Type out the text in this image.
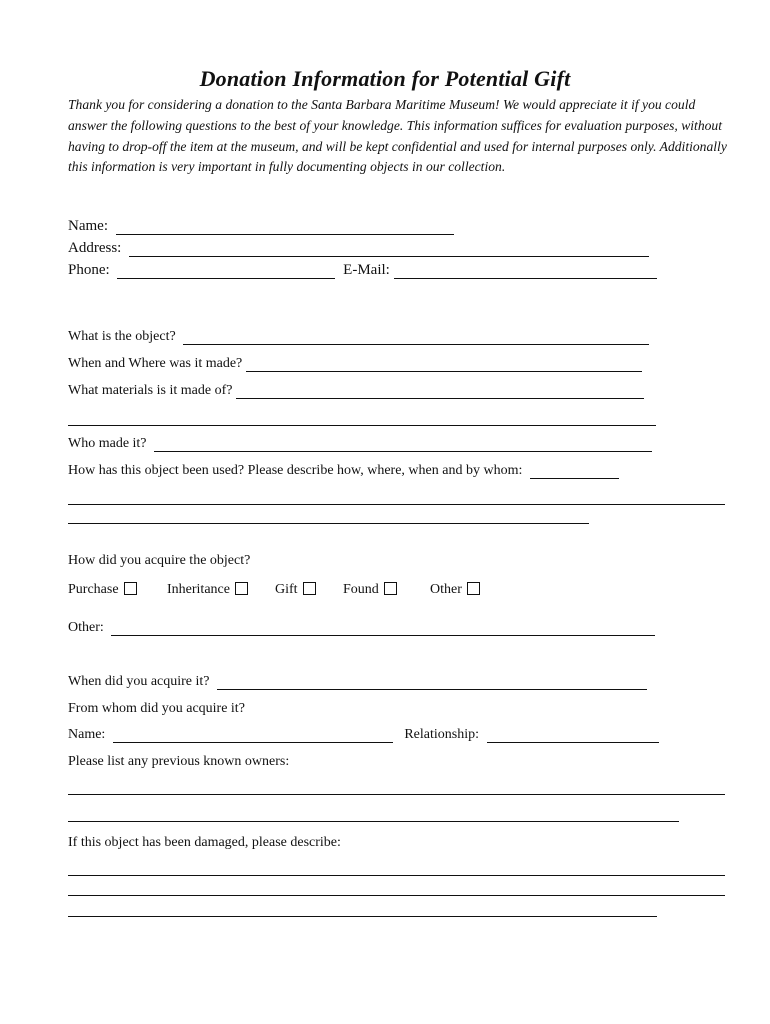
Donation Information for Potential Gift
Thank you for considering a donation to the Santa Barbara Maritime Museum! We would appreciate it if you could answer the following questions to the best of your knowledge. This information suffices for evaluation purposes, without having to drop-off the item at the museum, and will be kept confidential and used for internal purposes only. Additionally this information is very important in fully documenting objects in our collection.
Name:
Address:
Phone:	E-Mail:
What is the object?
When and Where was it made?
What materials is it made of?
Who made it?
How has this object been used? Please describe how, where, when and by whom:
How did you acquire the object?
Purchase	Inheritance	Gift	Found	Other
Other:
When did you acquire it?
From whom did you acquire it?
Name:	Relationship:
Please list any previous known owners:
If this object has been damaged, please describe:
